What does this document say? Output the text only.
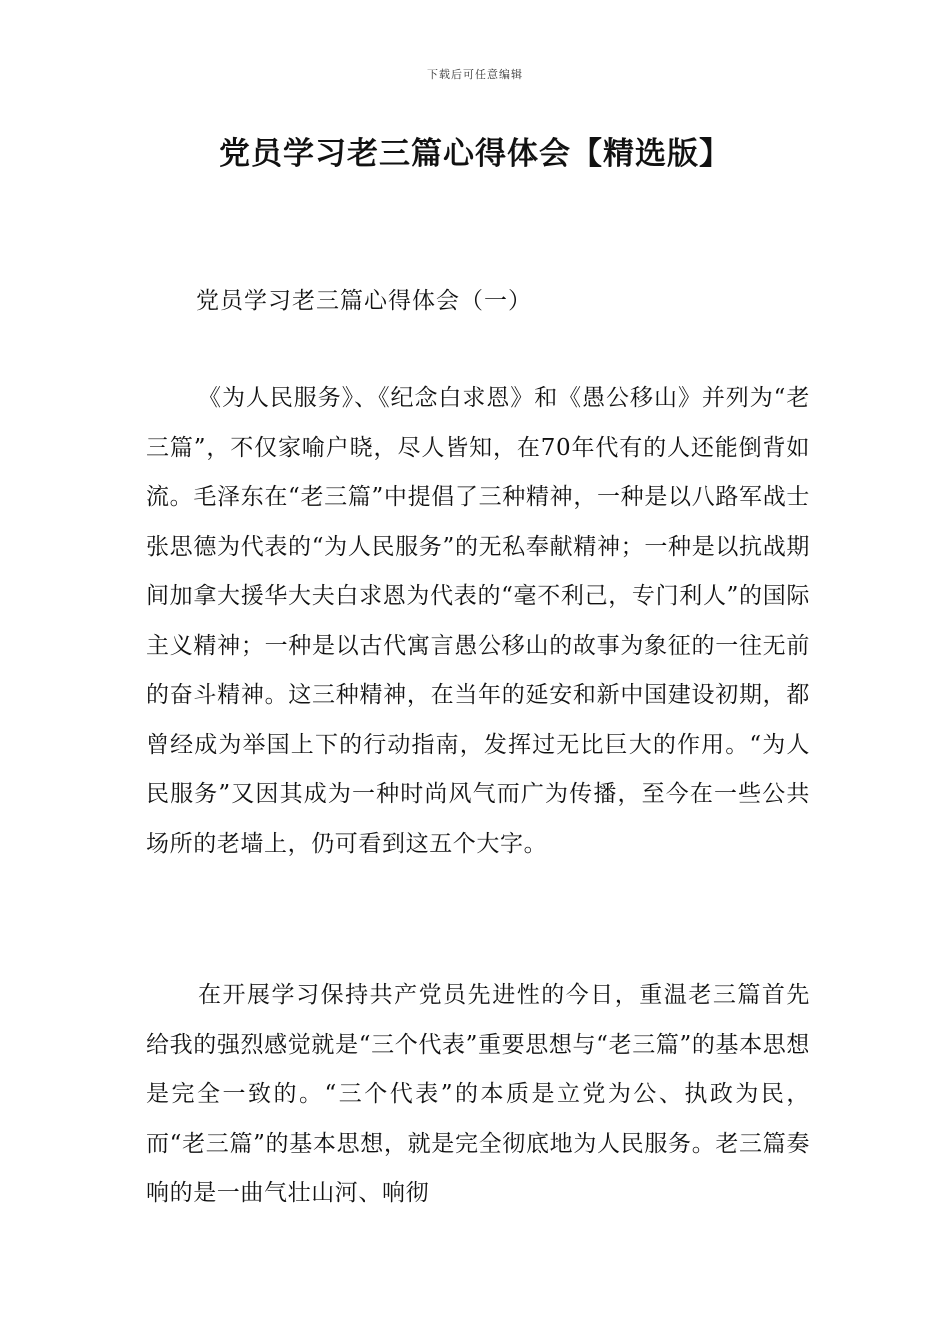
下载后可任意编辑
党员学习老三篇心得体会【精选版】
党员学习老三篇心得体会（一）

《为人民服务》、《纪念白求恩》和《愚公移山》并列为“老三篇”，不仅家喻户晓，尽人皆知，在70年代有的人还能倒背如流。毛泽东在“老三篇”中提倡了三种精神，一种是以八路军战士张思德为代表的“为人民服务”的无私奉献精神；一种是以抗战期间加拿大援华大夫白求恩为代表的“毫不利己，专门利人”的国际主义精神；一种是以古代寓言愚公移山的故事为象征的一往无前的奋斗精神。这三种精神，在当年的延安和新中国建设初期，都曾经成为举国上下的行动指南，发挥过无比巨大的作用。“为人民服务”又因其成为一种时尚风气而广为传播，至今在一些公共场所的老墙上，仍可看到这五个大字。

在开展学习保持共产党员先进性的今日，重温老三篇首先给我的强烈感觉就是“三个代表”重要思想与“老三篇”的基本思想是完全一致的。“三个代表”的本质是立党为公、执政为民，而“老三篇”的基本思想，就是完全彻底地为人民服务。老三篇奏响的是一曲气壮山河、响彻
